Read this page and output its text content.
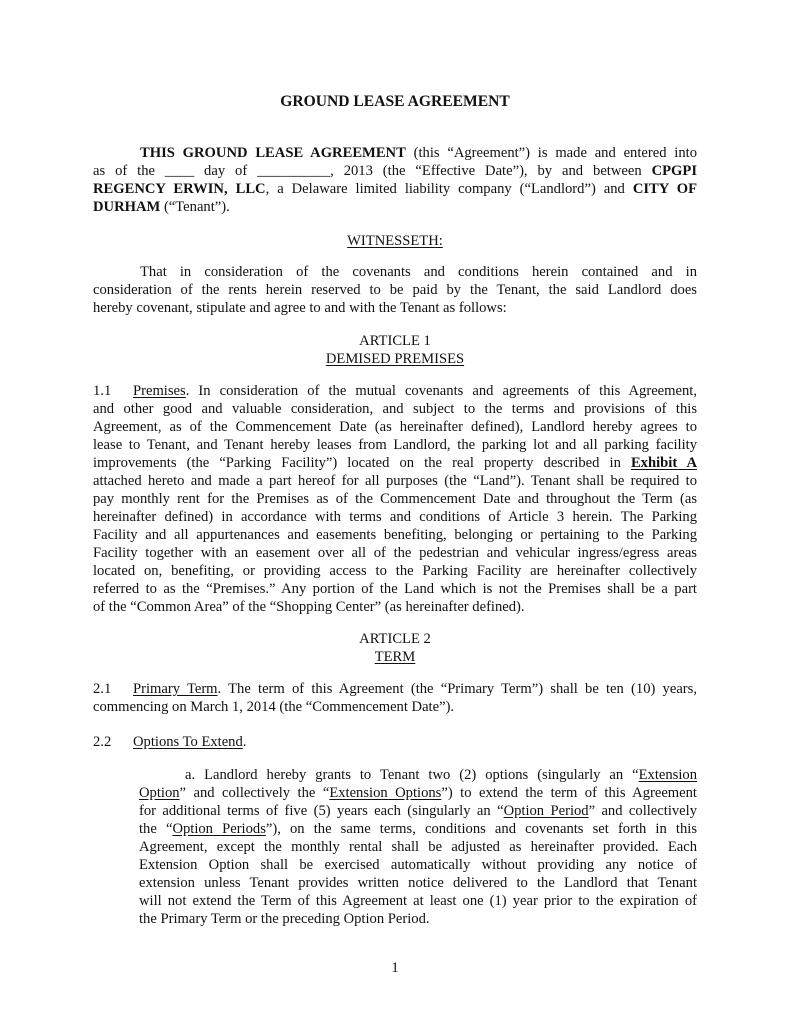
GROUND LEASE AGREEMENT
THIS GROUND LEASE AGREEMENT (this “Agreement”) is made and entered into
as of the ____ day of __________, 2013 (the “Effective Date”), by and between CPGPI
REGENCY ERWIN, LLC, a Delaware limited liability company (“Landlord”) and CITY OF
DURHAM (“Tenant”).
WITNESSETH:
That in consideration of the covenants and conditions herein contained and in
consideration of the rents herein reserved to be paid by the Tenant, the said Landlord does
hereby covenant, stipulate and agree to and with the Tenant as follows:
ARTICLE 1
DEMISED PREMISES
1.1 Premises. In consideration of the mutual covenants and agreements of this Agreement,
and other good and valuable consideration, and subject to the terms and provisions of this
Agreement, as of the Commencement Date (as hereinafter defined), Landlord hereby agrees to
lease to Tenant, and Tenant hereby leases from Landlord, the parking lot and all parking facility
improvements (the “Parking Facility”) located on the real property described in Exhibit A
attached hereto and made a part hereof for all purposes (the “Land”). Tenant shall be required to
pay monthly rent for the Premises as of the Commencement Date and throughout the Term (as
hereinafter defined) in accordance with terms and conditions of Article 3 herein. The Parking
Facility and all appurtenances and easements benefiting, belonging or pertaining to the Parking
Facility together with an easement over all of the pedestrian and vehicular ingress/egress areas
located on, benefiting, or providing access to the Parking Facility are hereinafter collectively
referred to as the “Premises.” Any portion of the Land which is not the Premises shall be a part
of the “Common Area” of the “Shopping Center” (as hereinafter defined).
ARTICLE 2
TERM
2.1 Primary Term. The term of this Agreement (the “Primary Term”) shall be ten (10) years,
commencing on March 1, 2014 (the “Commencement Date”).
2.2 Options To Extend.
a. Landlord hereby grants to Tenant two (2) options (singularly an “Extension
Option” and collectively the “Extension Options”) to extend the term of this Agreement
for additional terms of five (5) years each (singularly an “Option Period” and collectively
the “Option Periods”), on the same terms, conditions and covenants set forth in this
Agreement, except the monthly rental shall be adjusted as hereinafter provided. Each
Extension Option shall be exercised automatically without providing any notice of
extension unless Tenant provides written notice delivered to the Landlord that Tenant
will not extend the Term of this Agreement at least one (1) year prior to the expiration of
the Primary Term or the preceding Option Period.
1
